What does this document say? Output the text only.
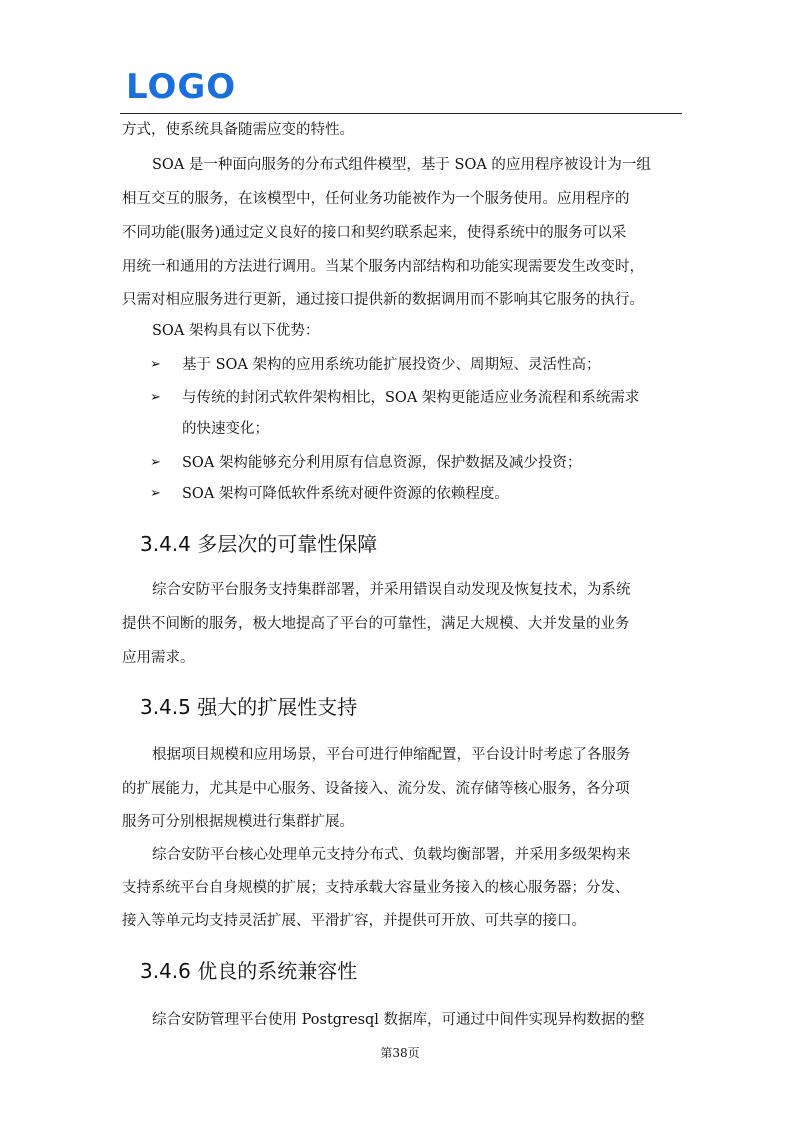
LOGO
方式，使系统具备随需应变的特性。
SOA 是一种面向服务的分布式组件模型，基于 SOA 的应用程序被设计为一组
相互交互的服务，在该模型中，任何业务功能被作为一个服务使用。应用程序的
不同功能(服务)通过定义良好的接口和契约联系起来，使得系统中的服务可以采
用统一和通用的方法进行调用。当某个服务内部结构和功能实现需要发生改变时，
只需对相应服务进行更新，通过接口提供新的数据调用而不影响其它服务的执行。
SOA 架构具有以下优势：
➢ 基于 SOA 架构的应用系统功能扩展投资少、周期短、灵活性高；
➢ 与传统的封闭式软件架构相比，SOA 架构更能适应业务流程和系统需求
的快速变化；
➢ SOA 架构能够充分利用原有信息资源，保护数据及减少投资；
➢ SOA 架构可降低软件系统对硬件资源的依赖程度。
3.4.4 多层次的可靠性保障
综合安防平台服务支持集群部署，并采用错误自动发现及恢复技术，为系统
提供不间断的服务，极大地提高了平台的可靠性，满足大规模、大并发量的业务
应用需求。
3.4.5 强大的扩展性支持
根据项目规模和应用场景，平台可进行伸缩配置，平台设计时考虑了各服务
的扩展能力，尤其是中心服务、设备接入、流分发、流存储等核心服务，各分项
服务可分别根据规模进行集群扩展。
综合安防平台核心处理单元支持分布式、负载均衡部署，并采用多级架构来
支持系统平台自身规模的扩展；支持承载大容量业务接入的核心服务器；分发、
接入等单元均支持灵活扩展、平滑扩容，并提供可开放、可共享的接口。
3.4.6 优良的系统兼容性
综合安防管理平台使用 Postgresql 数据库，可通过中间件实现异构数据的整
第38页
